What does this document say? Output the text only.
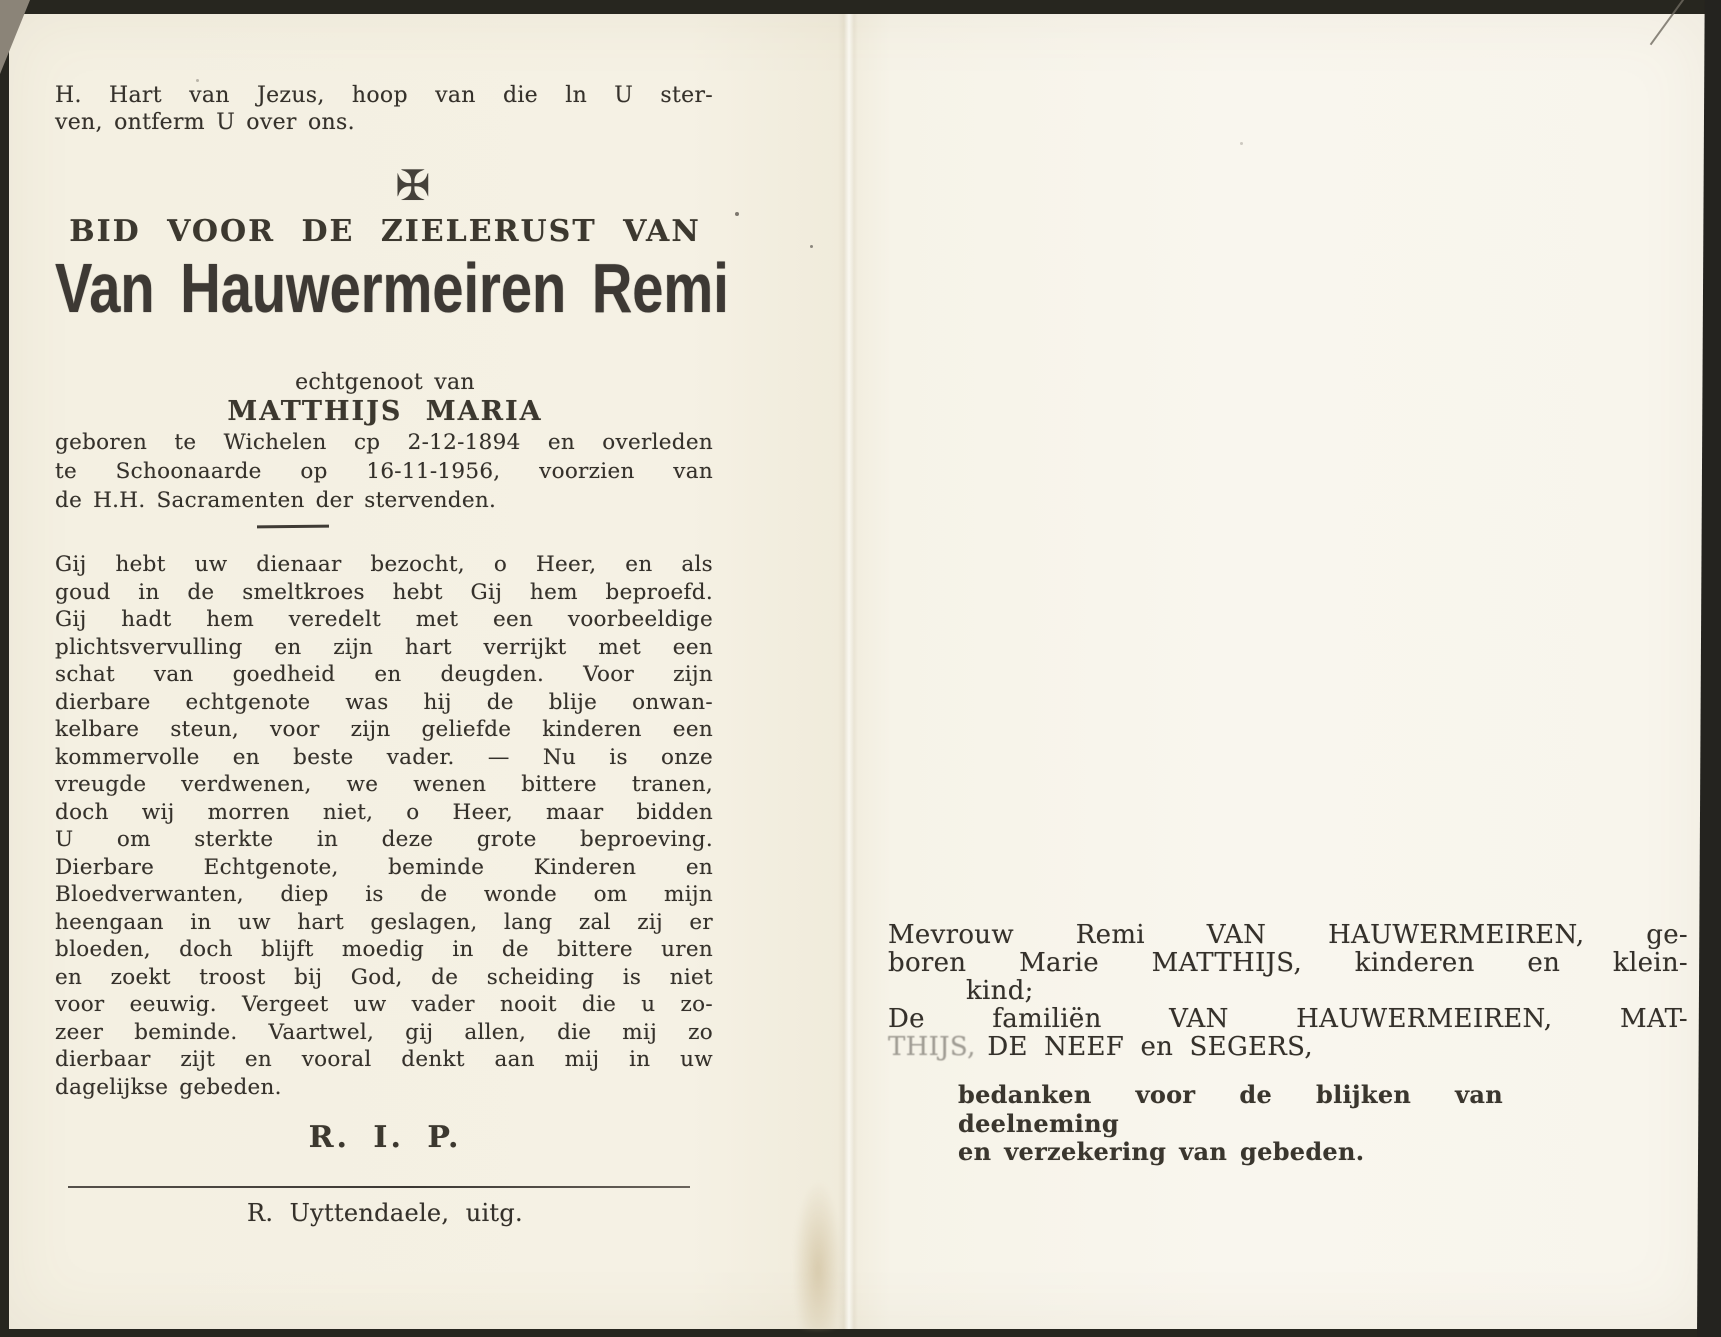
H. Hart van Jezus, hoop van die ln U ster-
ven, ontferm U over ons.
✠
BID VOOR DE ZIELERUST VAN
Van Hauwermeiren Remi
echtgenoot van
MATTHIJS MARIA
geboren te Wichelen cp 2-12-1894 en overleden
te Schoonaarde op 16-11-1956, voorzien van
de H.H. Sacramenten der stervenden.
Gij hebt uw dienaar bezocht, o Heer, en als
goud in de smeltkroes hebt Gij hem beproefd.
Gij hadt hem veredelt met een voorbeeldige
plichtsvervulling en zijn hart verrijkt met een
schat van goedheid en deugden. Voor zijn
dierbare echtgenote was hij de blije onwan-
kelbare steun, voor zijn geliefde kinderen een
kommervolle en beste vader. — Nu is onze
vreugde verdwenen, we wenen bittere tranen,
doch wij morren niet, o Heer, maar bidden
U om sterkte in deze grote beproeving.
Dierbare Echtgenote, beminde Kinderen en
Bloedverwanten, diep is de wonde om mijn
heengaan in uw hart geslagen, lang zal zij er
bloeden, doch blijft moedig in de bittere uren
en zoekt troost bij God, de scheiding is niet
voor eeuwig. Vergeet uw vader nooit die u zo-
zeer beminde. Vaartwel, gij allen, die mij zo
dierbaar zijt en vooral denkt aan mij in uw
dagelijkse gebeden.
R. I. P.
R. Uyttendaele, uitg.
Mevrouw Remi VAN HAUWERMEIREN, ge-
boren Marie MATTHIJS, kinderen en klein-
kind;
De familiën VAN HAUWERMEIREN, MAT-
THIJS, DE NEEF en SEGERS,
bedanken voor de blijken van deelneming
en verzekering van gebeden.
